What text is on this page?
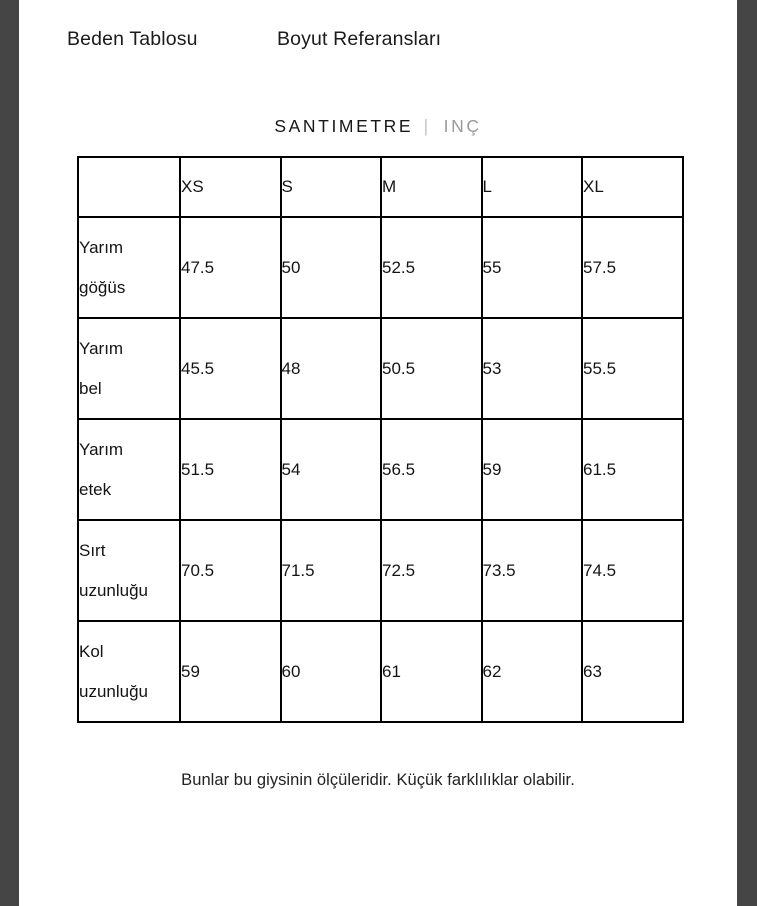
Beden Tablosu	Boyut Referansları
SANTIMETRE | INÇ
	XS	S	M	L	XL

Yarım
göğüs	47.5	50	52.5	55	57.5

Yarım
bel	45.5	48	50.5	53	55.5

Yarım
etek	51.5	54	56.5	59	61.5

Sırt
uzunluğu	70.5	71.5	72.5	73.5	74.5

Kol
uzunluğu	59	60	61	62	63
Bunlar bu giysinin ölçüleridir. Küçük farklılıklar olabilir.
